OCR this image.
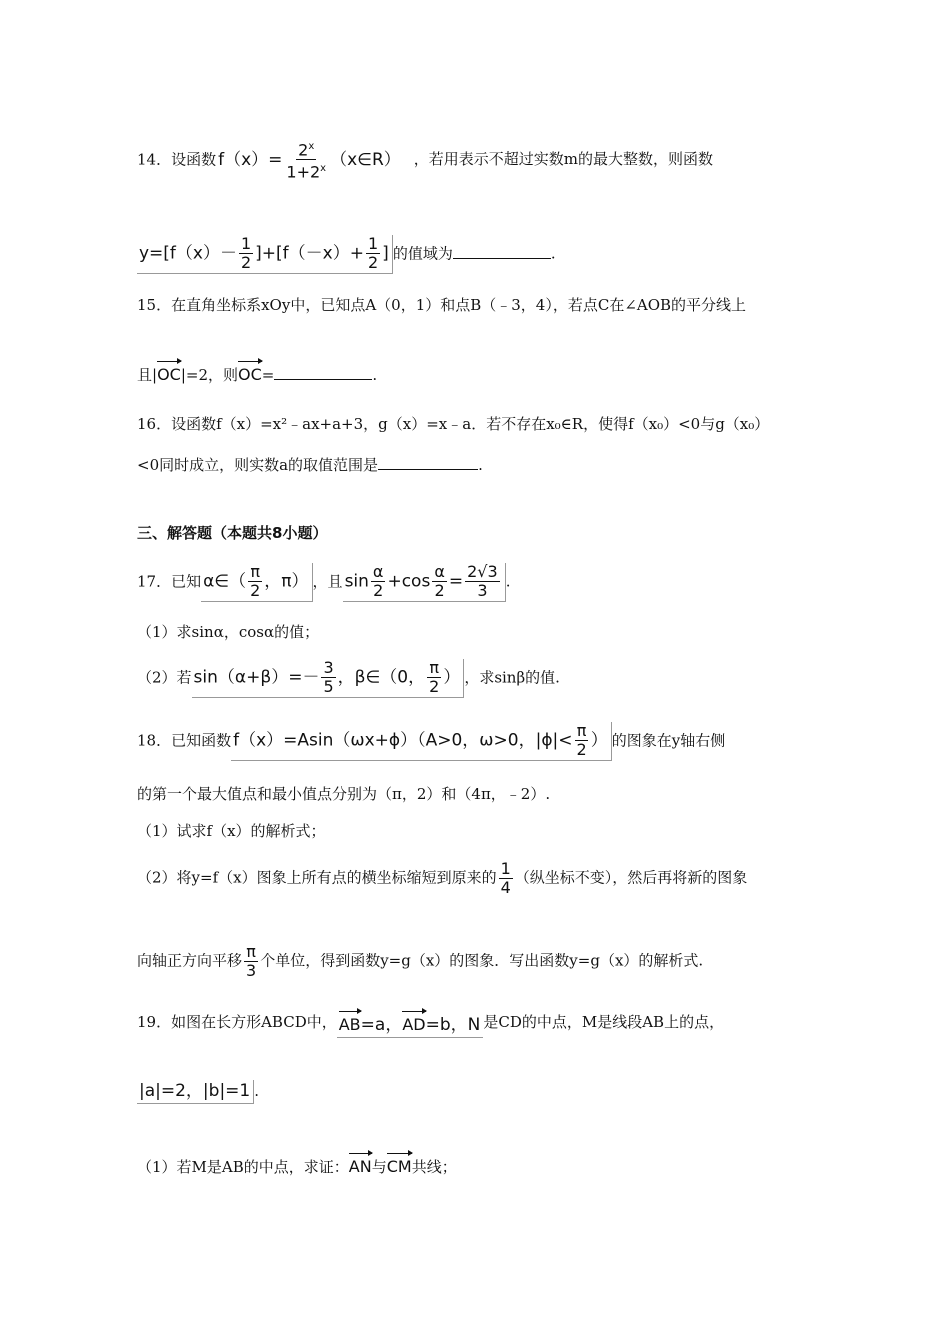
14．设函数 $f(x)= \frac{2^x}{1+2^x}$ （x∈R） ，若用表示不超过实数m的最大整数，则函数
$y=[f(x)- \frac{1}{2} ]+[f(-x)+ \frac{1}{2}$ ] 的值域为	.
15．在直角坐标系xOy中，已知点A（0，1）和点B（﹣3，4），若点C在∠AOB的平分线上
且|OC|=2，则OC=	.
16．设函数f（x）=x²﹣ax+a+3，g（x）=x﹣a．若不存在x₀∈R，使得f（x₀）<0与g（x₀）
<0同时成立，则实数a的取值范围是	.
三、解答题（本题共8小题）
17．已知 α∈（ $\frac{\pi}{2}$ ，π） ，且 $\sin \frac{\alpha}{2} +\cos \frac{\alpha}{2} = \frac{2√3}{3}$ .
（1）求sinα，cosα的值；
（2）若 $\sin(\alpha+\beta)=- \frac{3}{5}$ ，β∈（0， $\frac{\pi}{2}$ ） ，求sinβ的值.
18．已知函数 f（x）=Asin（ωx+ϕ）（A>0，ω>0，$|\phi|< \frac{\pi}{2}$ ） 的图象在y轴右侧
的第一个最大值点和最小值点分别为（π，2）和（4π，﹣2）.
（1）试求f（x）的解析式；
（2）将y=f（x）图象上所有点的横坐标缩短到原来的 $\frac{1}{4}$ （纵坐标不变），然后再将新的图象
向轴正方向平移 $\frac{\pi}{3}$ 个单位，得到函数y=g（x）的图象．写出函数y=g（x）的解析式.
19．如图在长方形ABCD中， AB=a，AD=b，N 是CD的中点，M是线段AB上的点，
|a|=2，|b|=1 .
（1）若M是AB的中点，求证：AN与CM共线；
